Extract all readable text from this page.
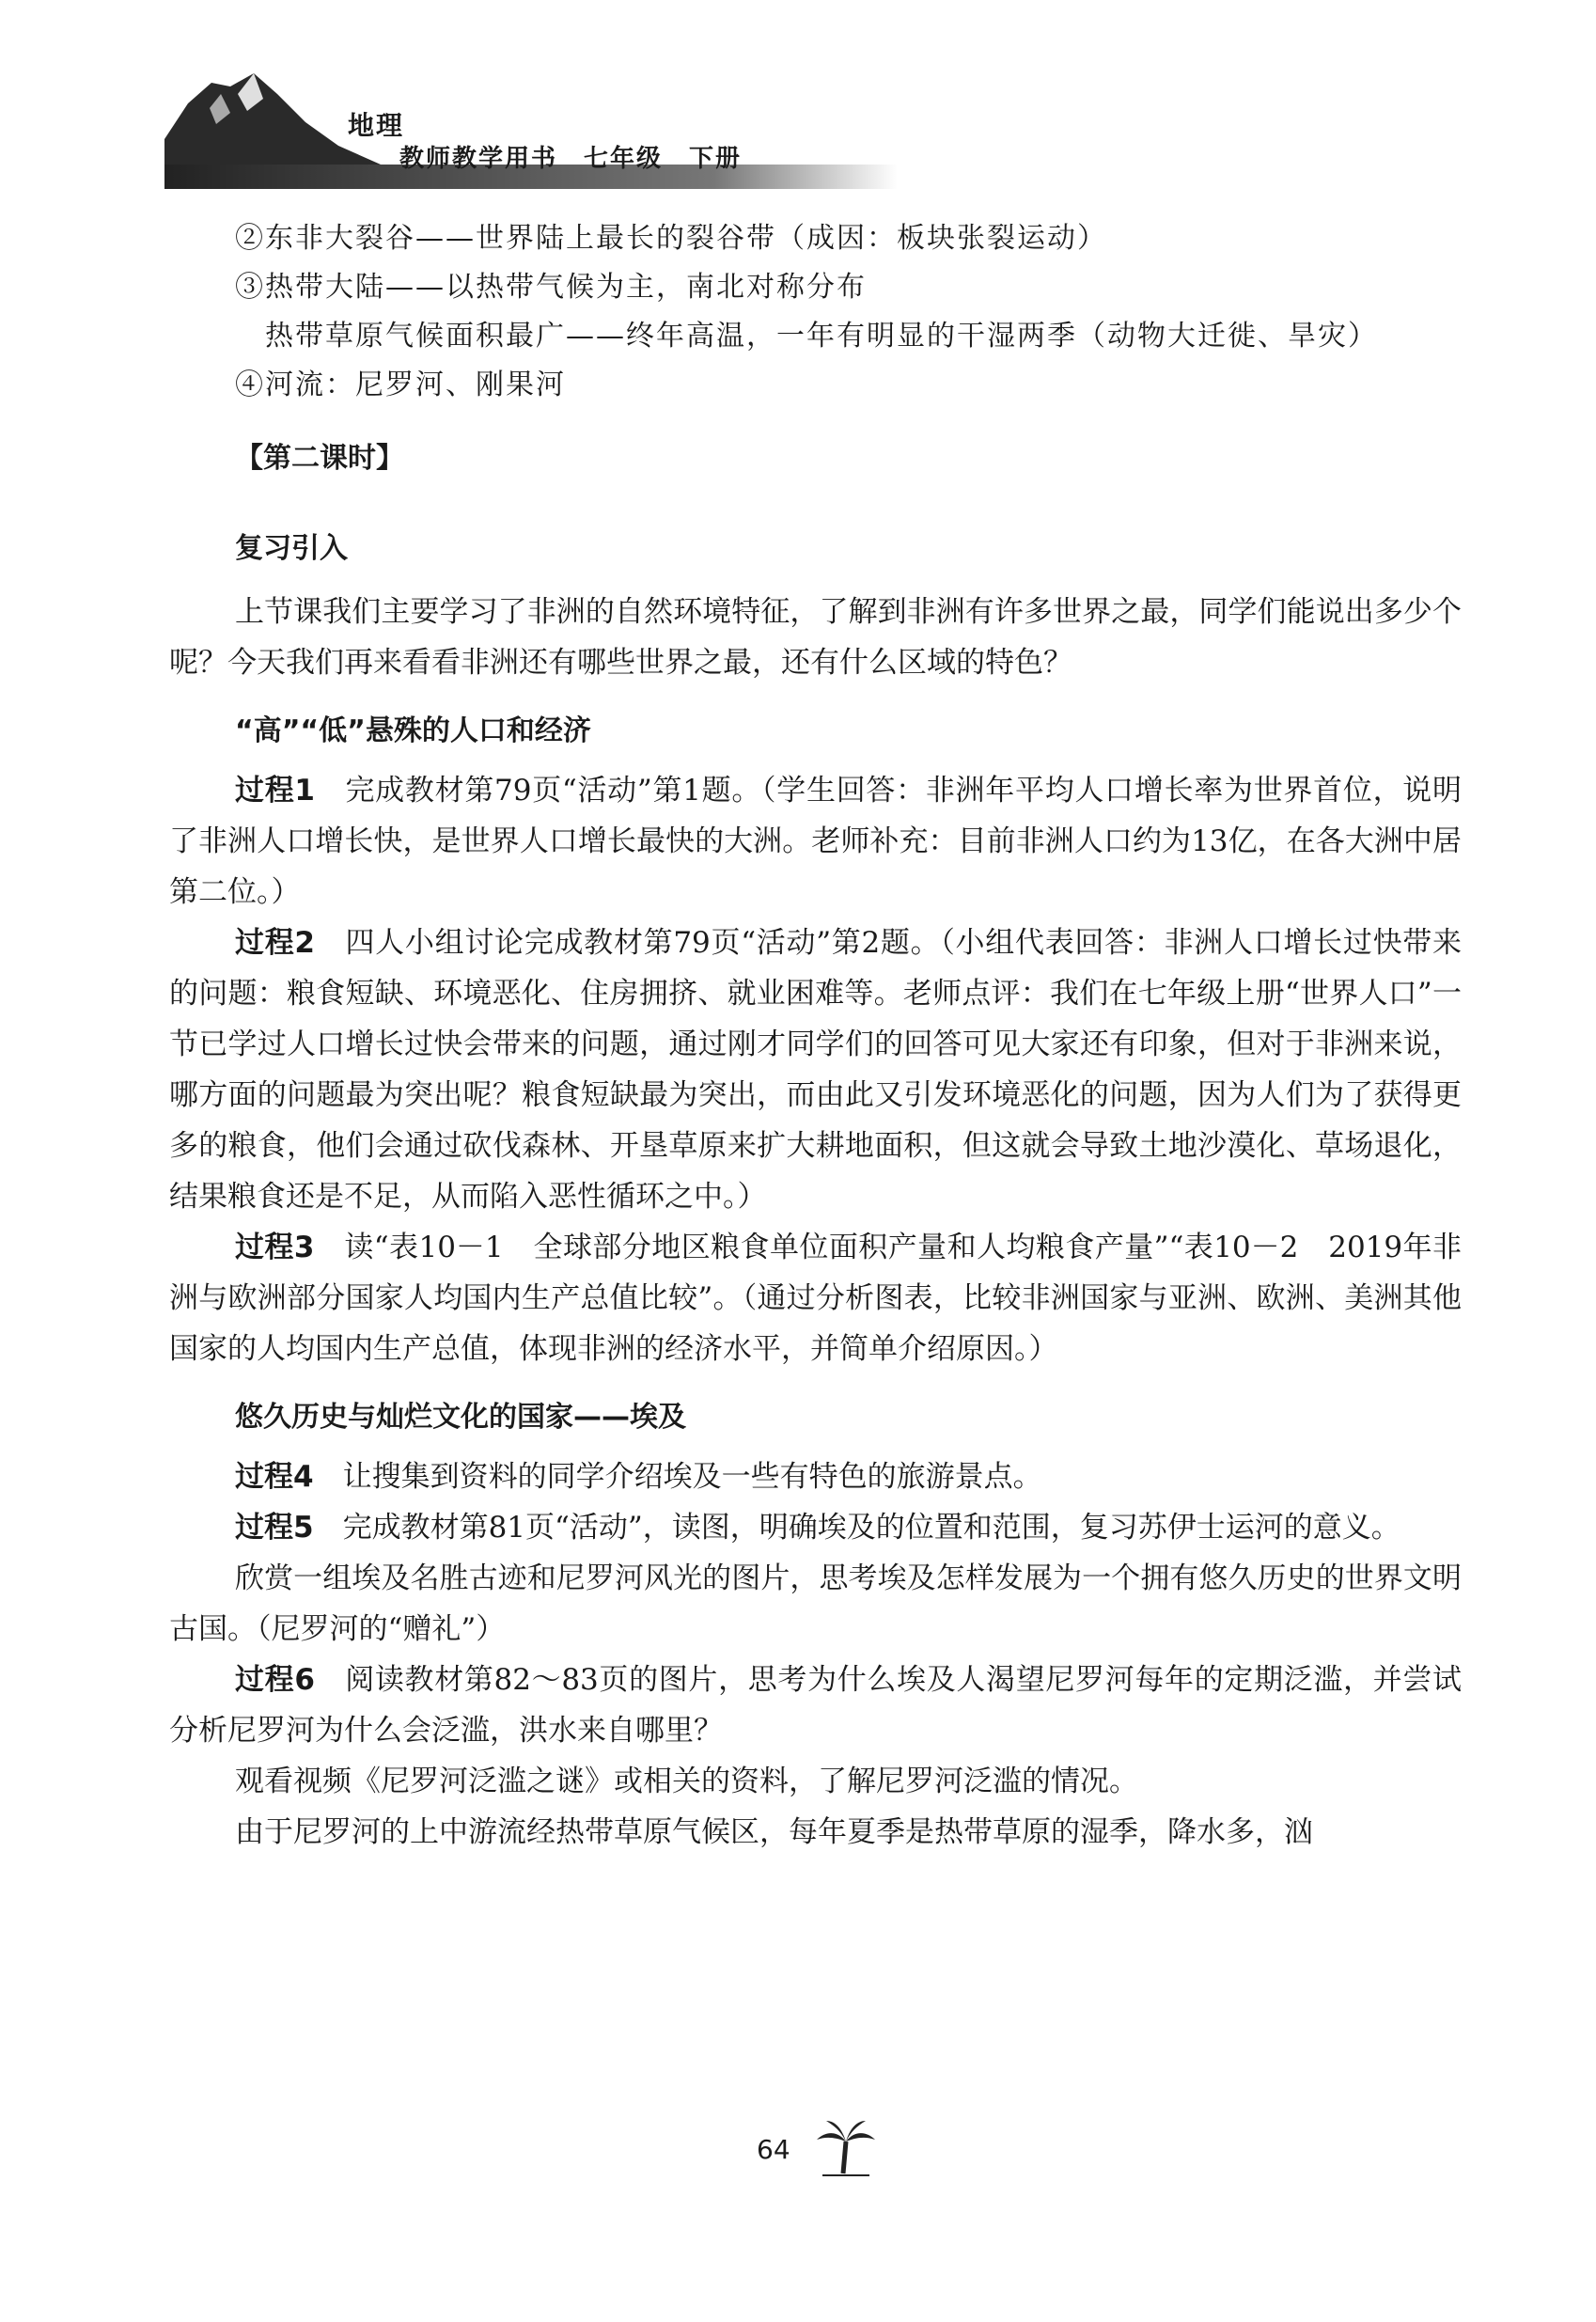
地理
教师教学用书　七年级　下册
②东非大裂谷——世界陆上最长的裂谷带（成因：板块张裂运动）
③热带大陆——以热带气候为主，南北对称分布
热带草原气候面积最广——终年高温，一年有明显的干湿两季（动物大迁徙、旱灾）
④河流：尼罗河、刚果河

【第二课时】

复习引入

上节课我们主要学习了非洲的自然环境特征，了解到非洲有许多世界之最，同学们能说出多少个呢？今天我们再来看看非洲还有哪些世界之最，还有什么区域的特色？

“高”“低”悬殊的人口和经济

过程1　 完成教材第79页“活动”第1题。（学生回答：非洲年平均人口增长率为世界首位，说明了非洲人口增长快，是世界人口增长最快的大洲。老师补充：目前非洲人口约为13亿，在各大洲中居第二位。）

过程2　 四人小组讨论完成教材第79页“活动”第2题。（小组代表回答：非洲人口增长过快带来的问题：粮食短缺、环境恶化、住房拥挤、就业困难等。老师点评：我们在七年级上册“世界人口”一节已学过人口增长过快会带来的问题，通过刚才同学们的回答可见大家还有印象，但对于非洲来说，哪方面的问题最为突出呢？粮食短缺最为突出，而由此又引发环境恶化的问题，因为人们为了获得更多的粮食，他们会通过砍伐森林、开垦草原来扩大耕地面积，但这就会导致土地沙漠化、草场退化，结果粮食还是不足，从而陷入恶性循环之中。）

过程3　 读“表10－1　全球部分地区粮食单位面积产量和人均粮食产量”“表10－2　2019年非洲与欧洲部分国家人均国内生产总值比较”。（通过分析图表，比较非洲国家与亚洲、欧洲、美洲其他国家的人均国内生产总值，体现非洲的经济水平，并简单介绍原因。）

悠久历史与灿烂文化的国家——埃及

过程4　 让搜集到资料的同学介绍埃及一些有特色的旅游景点。

过程5　 完成教材第81页“活动”，读图，明确埃及的位置和范围，复习苏伊士运河的意义。

欣赏一组埃及名胜古迹和尼罗河风光的图片，思考埃及怎样发展为一个拥有悠久历史的世界文明古国。（尼罗河的“赠礼”）

过程6　 阅读教材第82～83页的图片，思考为什么埃及人渴望尼罗河每年的定期泛滥，并尝试分析尼罗河为什么会泛滥，洪水来自哪里？

观看视频《尼罗河泛滥之谜》或相关的资料，了解尼罗河泛滥的情况。

由于尼罗河的上中游流经热带草原气候区，每年夏季是热带草原的湿季，降水多，汹

64
